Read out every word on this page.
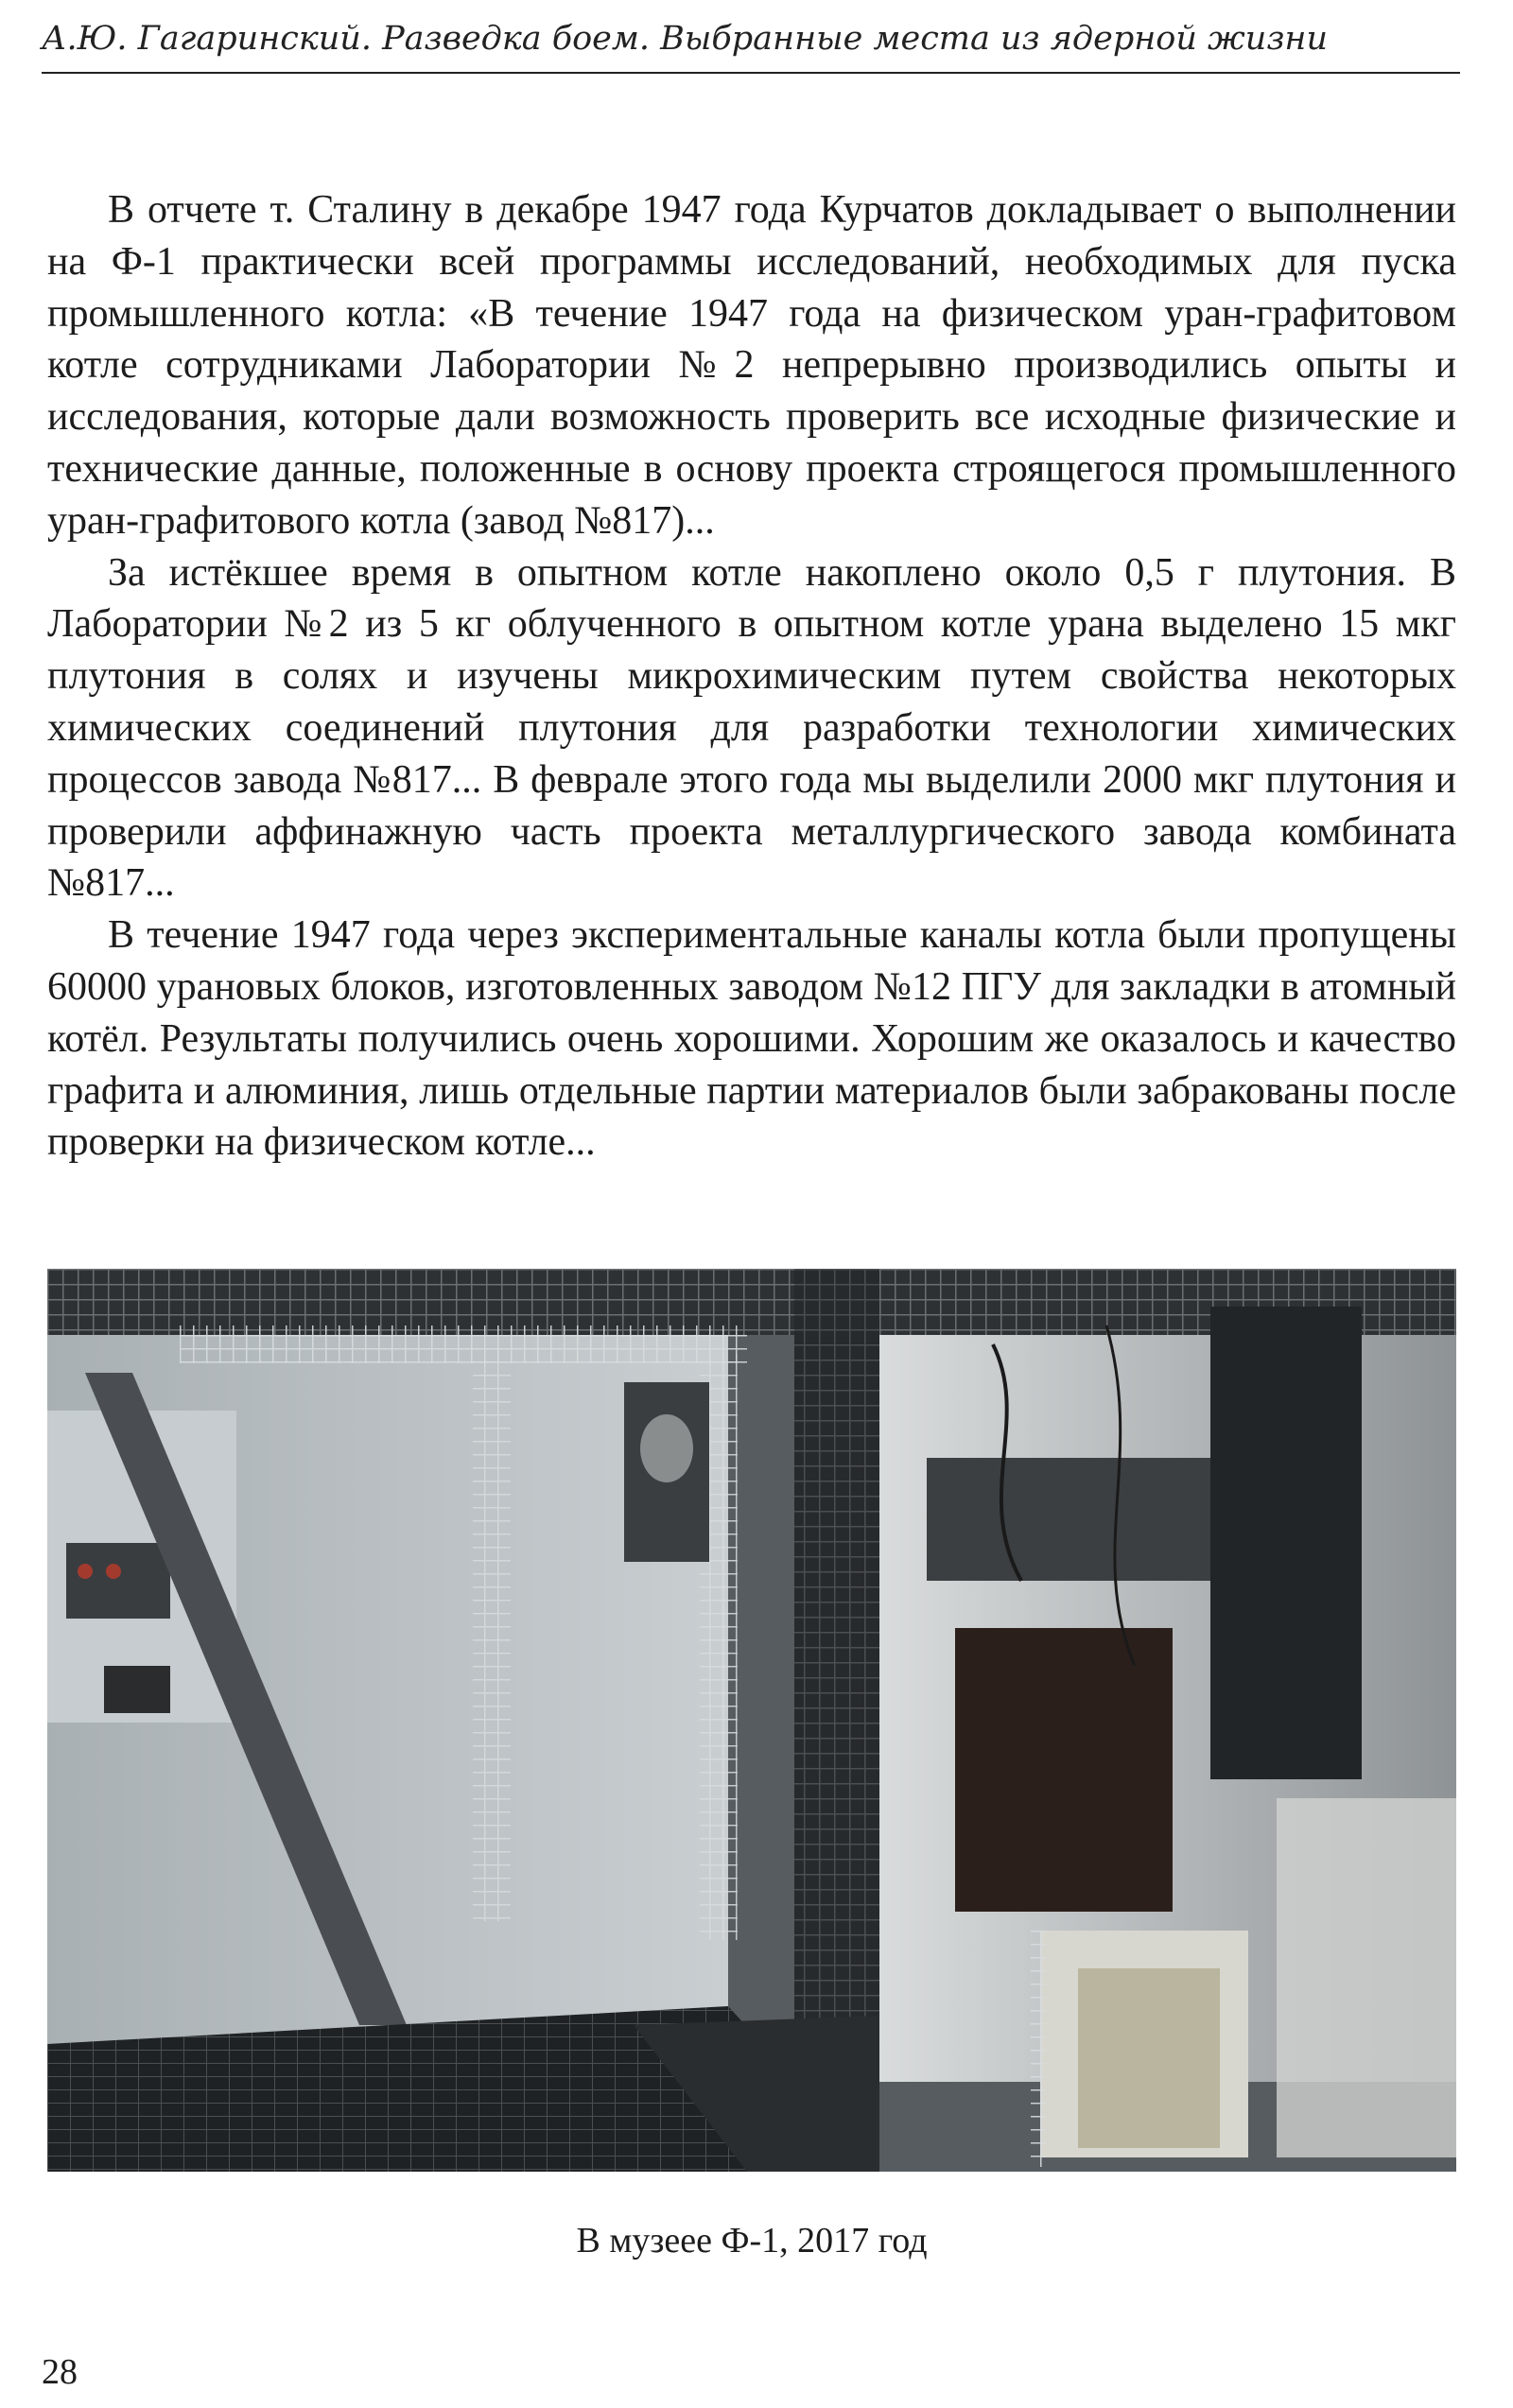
А.Ю. Гагаринский. Разведка боем. Выбранные места из ядерной жизни

В отчете т. Сталину в декабре 1947 года Курчатов докладывает о выполнении на Ф-1 практически всей программы исследований, необходимых для пуска промышленного котла: «В течение 1947 года на физическом уран-графитовом котле сотрудниками Лаборатории №2 непрерывно производились опыты и исследования, которые дали возможность проверить все исходные физические и технические данные, положенные в основу проекта строящегося промышленного уран-графитового котла (завод №817)...

За истёкшее время в опытном котле накоплено около 0,5 г плутония. В Лаборатории №2 из 5 кг облученного в опытном котле урана выделено 15 мкг плутония в солях и изучены микрохимическим путем свойства некоторых химических соединений плутония для разработки технологии химических процессов завода №817... В феврале этого года мы выделили 2000 мкг плутония и проверили аффинажную часть проекта металлургического завода комбината №817...

В течение 1947 года через экспериментальные каналы котла были пропущены 60000 урановых блоков, изготовленных заводом №12 ПГУ для закладки в атомный котёл. Результаты получились очень хорошими. Хорошим же оказалось и качество графита и алюминия, лишь отдельные партии материалов были забракованы после проверки на физическом котле...

В музеее Ф-1, 2017 год
28
